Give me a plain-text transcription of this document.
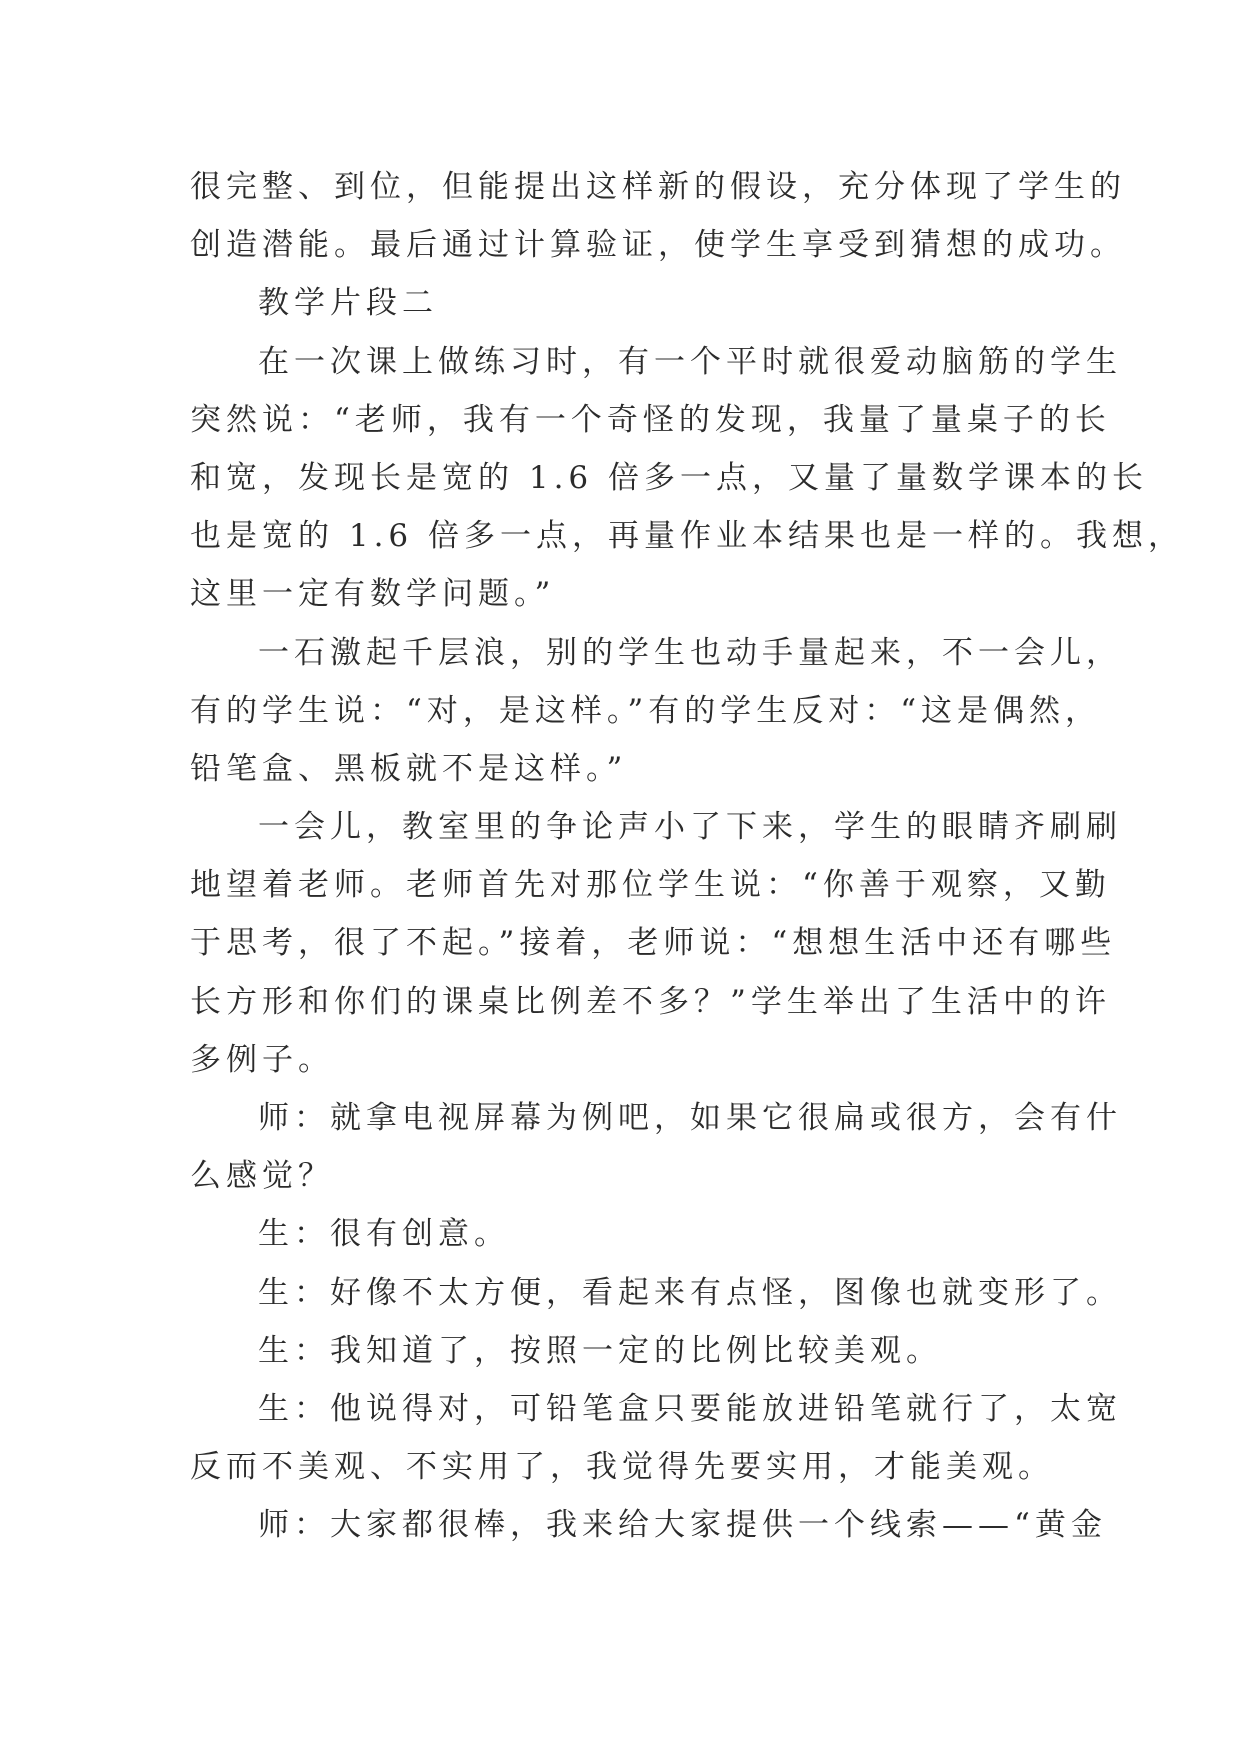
很完整、到位，但能提出这样新的假设，充分体现了学生的
创造潜能。最后通过计算验证，使学生享受到猜想的成功。
教学片段二
在一次课上做练习时，有一个平时就很爱动脑筋的学生
突然说：“老师，我有一个奇怪的发现，我量了量桌子的长
和宽，发现长是宽的 1.6 倍多一点，又量了量数学课本的长
也是宽的 1.6 倍多一点，再量作业本结果也是一样的。我想，
这里一定有数学问题。”
一石激起千层浪，别的学生也动手量起来，不一会儿，
有的学生说：“对，是这样。”有的学生反对：“这是偶然，
铅笔盒、黑板就不是这样。”
一会儿，教室里的争论声小了下来，学生的眼睛齐刷刷
地望着老师。老师首先对那位学生说：“你善于观察，又勤
于思考，很了不起。”接着，老师说：“想想生活中还有哪些
长方形和你们的课桌比例差不多？”学生举出了生活中的许
多例子。
师：就拿电视屏幕为例吧，如果它很扁或很方，会有什
么感觉？
生：很有创意。
生：好像不太方便，看起来有点怪，图像也就变形了。
生：我知道了，按照一定的比例比较美观。
生：他说得对，可铅笔盒只要能放进铅笔就行了，太宽
反而不美观、不实用了，我觉得先要实用，才能美观。
师：大家都很棒，我来给大家提供一个线索——“黄金
